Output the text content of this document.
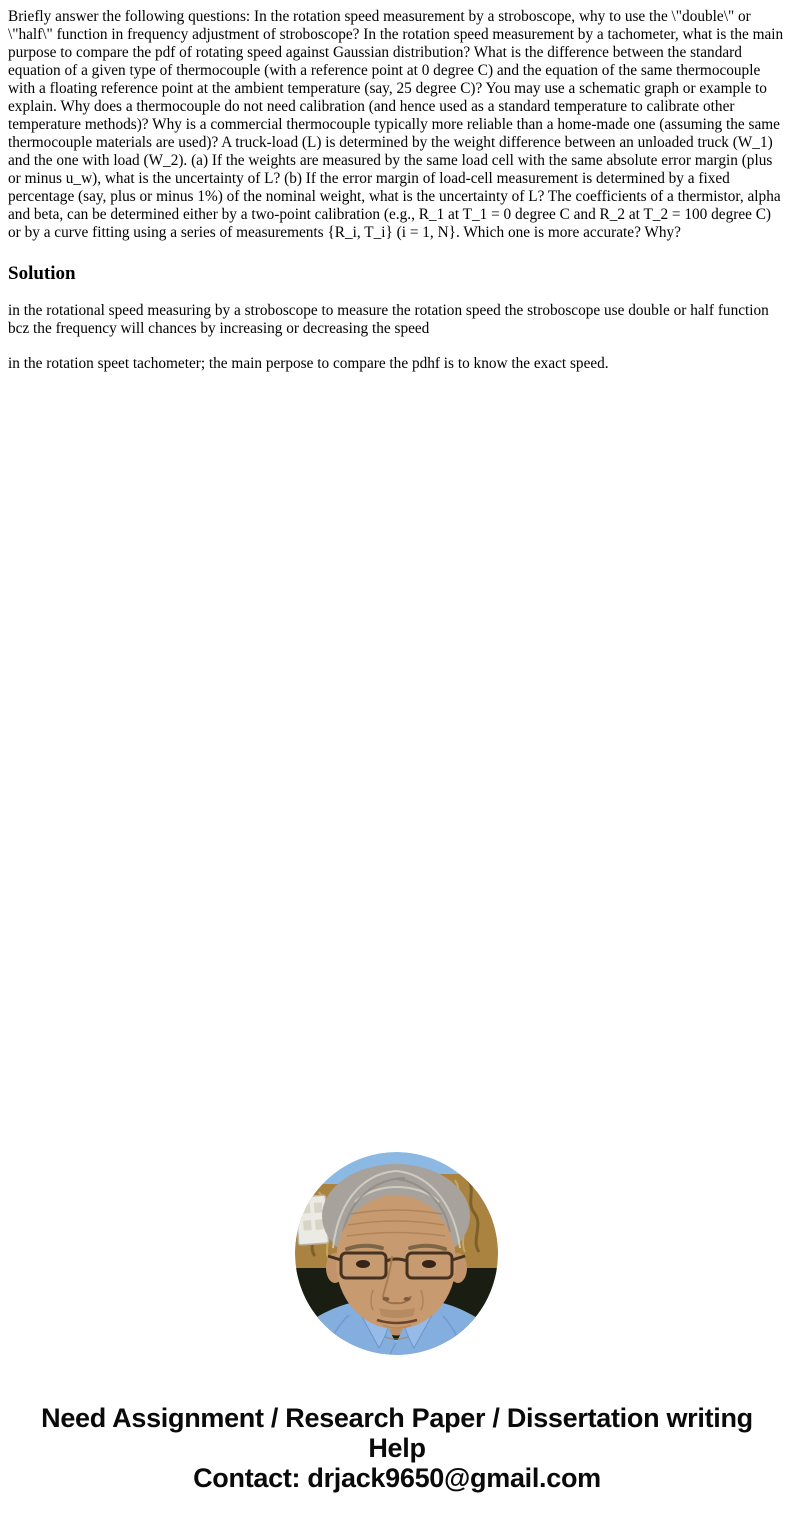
Briefly answer the following questions: In the rotation speed measurement by a stroboscope, why to use the \"double\" or \"half\" function in frequency adjustment of stroboscope? In the rotation speed measurement by a tachometer, what is the main purpose to compare the pdf of rotating speed against Gaussian distribution? What is the difference between the standard equation of a given type of thermocouple (with a reference point at 0 degree C) and the equation of the same thermocouple with a floating reference point at the ambient temperature (say, 25 degree C)? You may use a schematic graph or example to explain. Why does a thermocouple do not need calibration (and hence used as a standard temperature to calibrate other temperature methods)? Why is a commercial thermocouple typically more reliable than a home-made one (assuming the same thermocouple materials are used)? A truck-load (L) is determined by the weight difference between an unloaded truck (W_1) and the one with load (W_2). (a) If the weights are measured by the same load cell with the same absolute error margin (plus or minus u_w), what is the uncertainty of L? (b) If the error margin of load-cell measurement is determined by a fixed percentage (say, plus or minus 1%) of the nominal weight, what is the uncertainty of L? The coefficients of a thermistor, alpha and beta, can be determined either by a two-point calibration (e.g., R_1 at T_1 = 0 degree C and R_2 at T_2 = 100 degree C) or by a curve fitting using a series of measurements {R_i, T_i} (i = 1, N}. Which one is more accurate? Why?

Solution

in the rotational speed measuring by a stroboscope to measure the rotation speed the stroboscope use double or half function bcz the frequency will chances by increasing or decreasing the speed

in the rotation speet tachometer; the main perpose to compare the pdhf is to know the exact speed.

Need Assignment / Research Paper / Dissertation writing Help
Contact: drjack9650@gmail.com
